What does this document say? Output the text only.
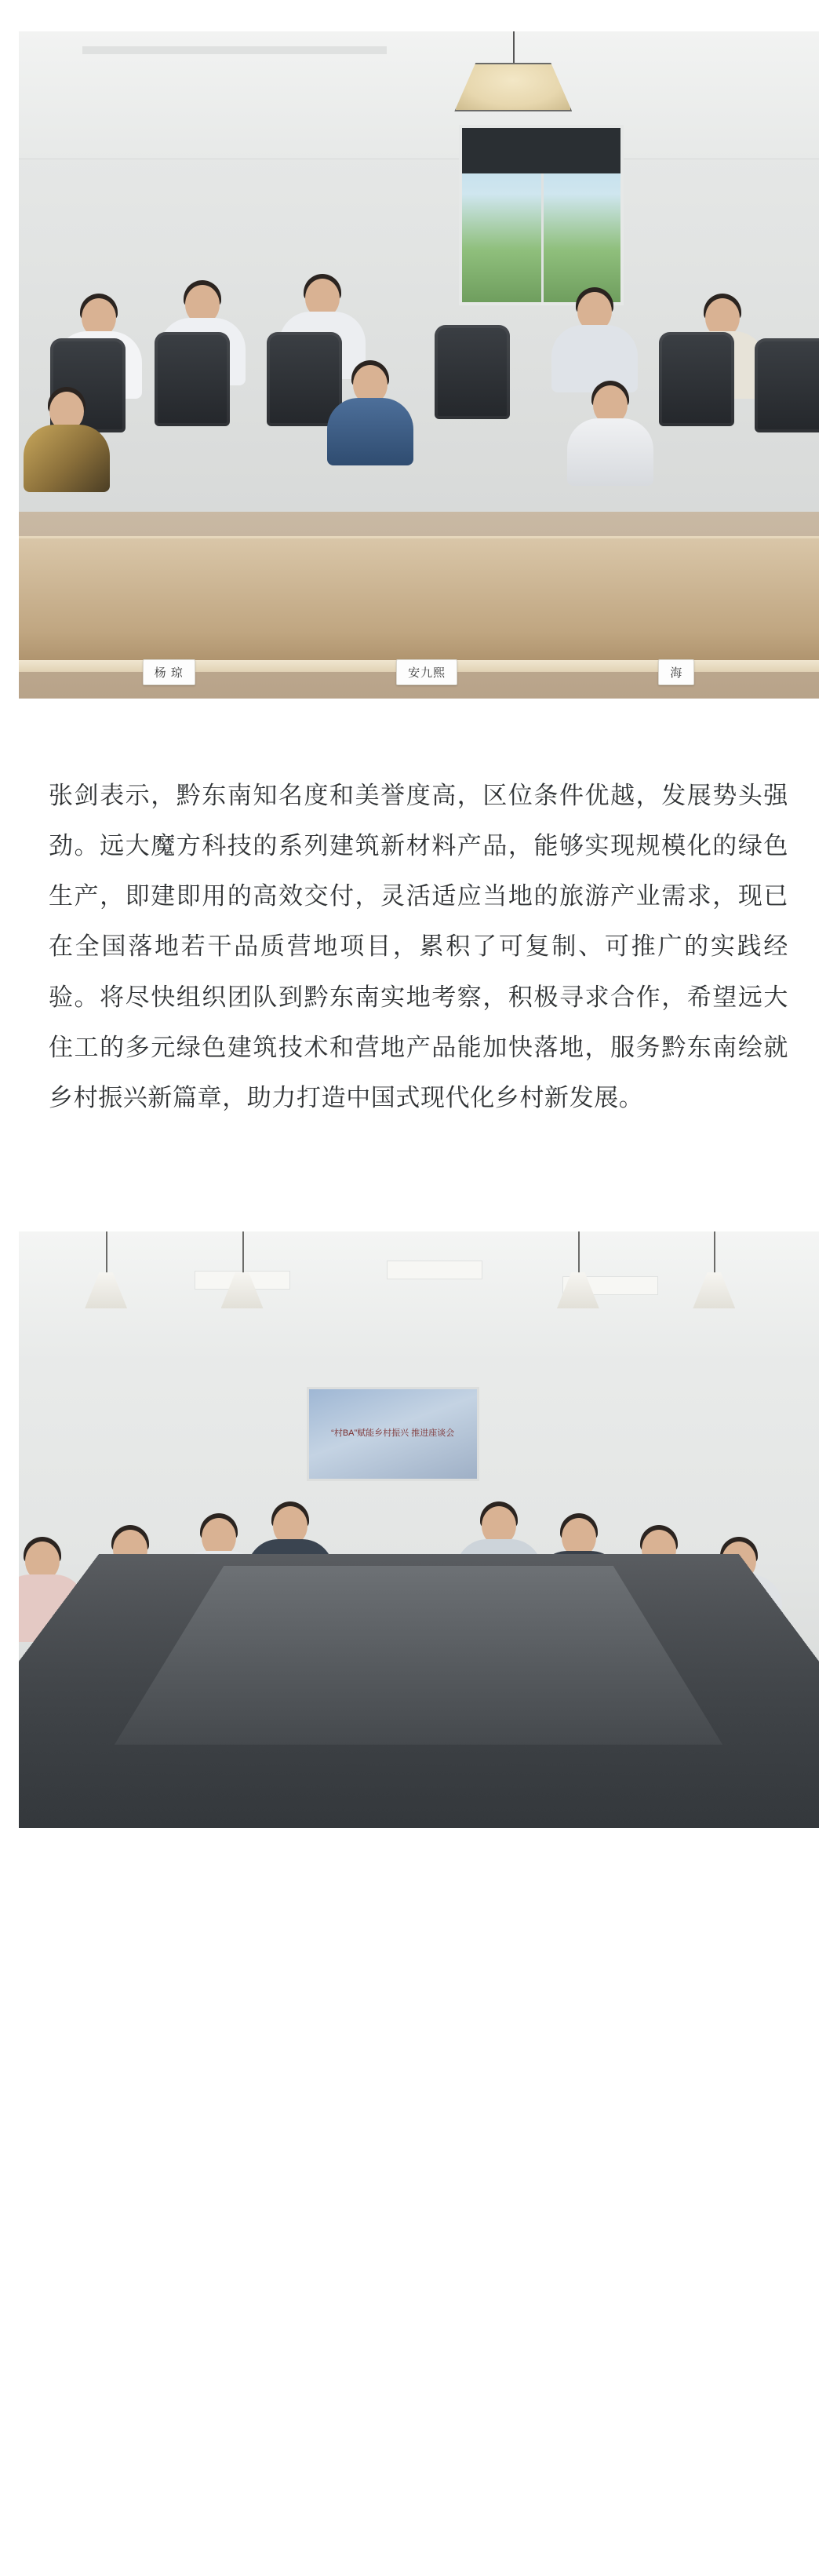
杨 琼	安九熙	海

张剑表示，黔东南知名度和美誉度高，区位条件优越，发展势头强劲。远大魔方科技的系列建筑新材料产品，能够实现规模化的绿色生产，即建即用的高效交付，灵活适应当地的旅游产业需求，现已在全国落地若干品质营地项目，累积了可复制、可推广的实践经验。将尽快组织团队到黔东南实地考察，积极寻求合作，希望远大住工的多元绿色建筑技术和营地产品能加快落地，服务黔东南绘就乡村振兴新篇章，助力打造中国式现代化乡村新发展。

“村BA”赋能乡村振兴 推进座谈会
